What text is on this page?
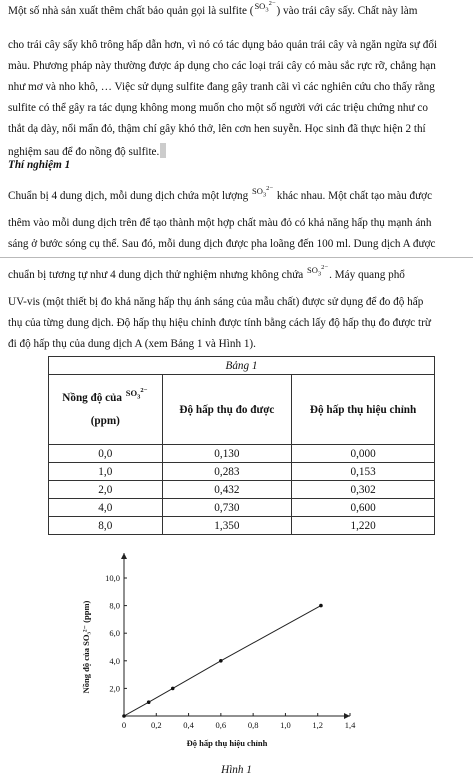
Một số nhà sản xuất thêm chất bảo quản gọi là sulfite $(SO_3^{2-})$ vào trái cây sấy. Chất này làm
cho trái cây sấy khô trông hấp dẫn hơn, vì nó có tác dụng bảo quản trái cây và ngăn ngừa sự đổi
màu. Phương pháp này thường được áp dụng cho các loại trái cây có màu sắc rực rỡ, chẳng hạn
như mơ và nho khô, … Việc sử dụng sulfite đang gây tranh cãi vì các nghiên cứu cho thấy rằng
sulfite có thể gây ra tác dụng không mong muốn cho một số người với các triệu chứng như co
thắt dạ dày, nổi mẩn đỏ, thậm chí gây khó thở, lên cơn hen suyễn. Học sinh đã thực hiện 2 thí
nghiệm sau để đo nồng độ sulfite.
Thí nghiệm 1
Chuẩn bị 4 dung dịch, mỗi dung dịch chứa một lượng $SO_3^{2-}$ khác nhau. Một chất tạo màu được
thêm vào mỗi dung dịch trên để tạo thành một hợp chất màu đỏ có khả năng hấp thụ mạnh ánh
sáng ở bước sóng cụ thể. Sau đó, mỗi dung dịch được pha loãng đến 100 ml. Dung dịch A được
chuẩn bị tương tự như 4 dung dịch thử nghiệm nhưng không chứa $SO_3^{2-}$. Máy quang phổ
UV-vis (một thiết bị đo khả năng hấp thụ ánh sáng của mẫu chất) được sử dụng để đo độ hấp
thụ của từng dung dịch. Độ hấp thụ hiệu chỉnh được tính bằng cách lấy độ hấp thụ đo được trừ
đi độ hấp thụ của dung dịch A (xem Bảng 1 và Hình 1).
Bảng 1		

Nồng độ của $SO_3^{2-}$
(ppm)	Độ hấp thụ đo được	Độ hấp thụ hiệu chỉnh
0,0	0,130	0,000
1,0	0,283	0,153
2,0	0,432	0,302
4,0	0,730	0,600
8,0	1,350	1,220
0	0,2	0,4	0,6	0,8	1,0	1,2	1,4
2,0
4,0
6,0
8,0
10,0
Độ hấp thụ hiệu chỉnh
Nồng độ của SO₃²⁻ (ppm)
Hình 1
